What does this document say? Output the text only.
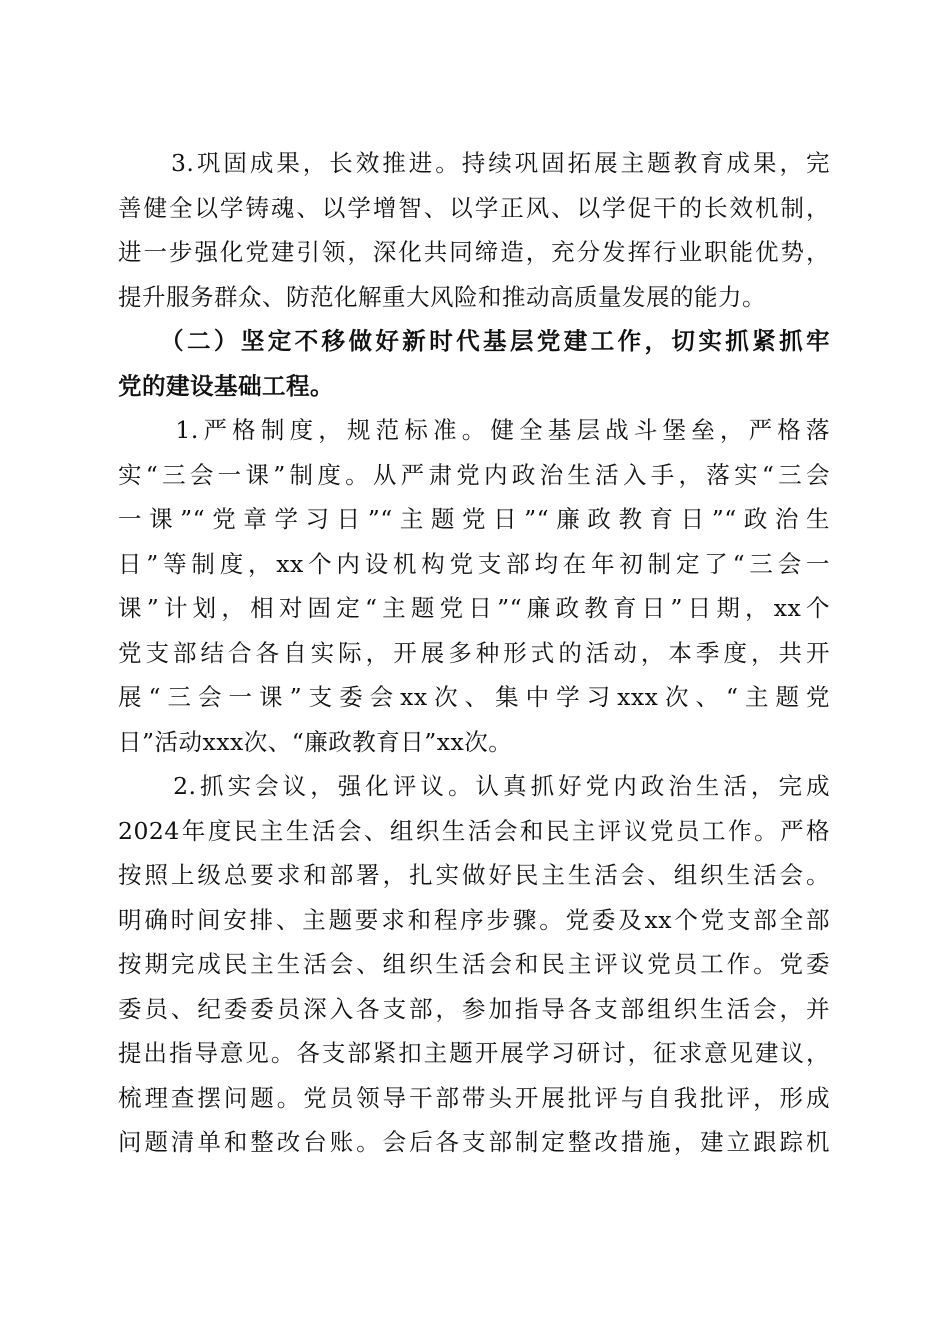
　　3.巩固成果，长效推进。持续巩固拓展主题教育成果，完
善健全以学铸魂、以学增智、以学正风、以学促干的长效机制，
进一步强化党建引领，深化共同缔造，充分发挥行业职能优势，
提升服务群众、防范化解重大风险和推动高质量发展的能力。
　　（二）坚定不移做好新时代基层党建工作，切实抓紧抓牢
党的建设基础工程。
　　1.严格制度，规范标准。健全基层战斗堡垒，严格落
实“三会一课”制度。从严肃党内政治生活入手，落实“三会
一课”“党章学习日”“主题党日”“廉政教育日”“政治生
日”等制度，xx个内设机构党支部均在年初制定了“三会一
课”计划，相对固定“主题党日”“廉政教育日”日期，xx个
党支部结合各自实际，开展多种形式的活动，本季度，共开
展“三会一课”支委会xx次、集中学习xxx次、“主题党
日”活动xxx次、“廉政教育日”xx次。
　　2.抓实会议，强化评议。认真抓好党内政治生活，完成
2024年度民主生活会、组织生活会和民主评议党员工作。严格
按照上级总要求和部署，扎实做好民主生活会、组织生活会。
明确时间安排、主题要求和程序步骤。党委及xx个党支部全部
按期完成民主生活会、组织生活会和民主评议党员工作。党委
委员、纪委委员深入各支部，参加指导各支部组织生活会，并
提出指导意见。各支部紧扣主题开展学习研讨，征求意见建议，
梳理查摆问题。党员领导干部带头开展批评与自我批评，形成
问题清单和整改台账。会后各支部制定整改措施，建立跟踪机
